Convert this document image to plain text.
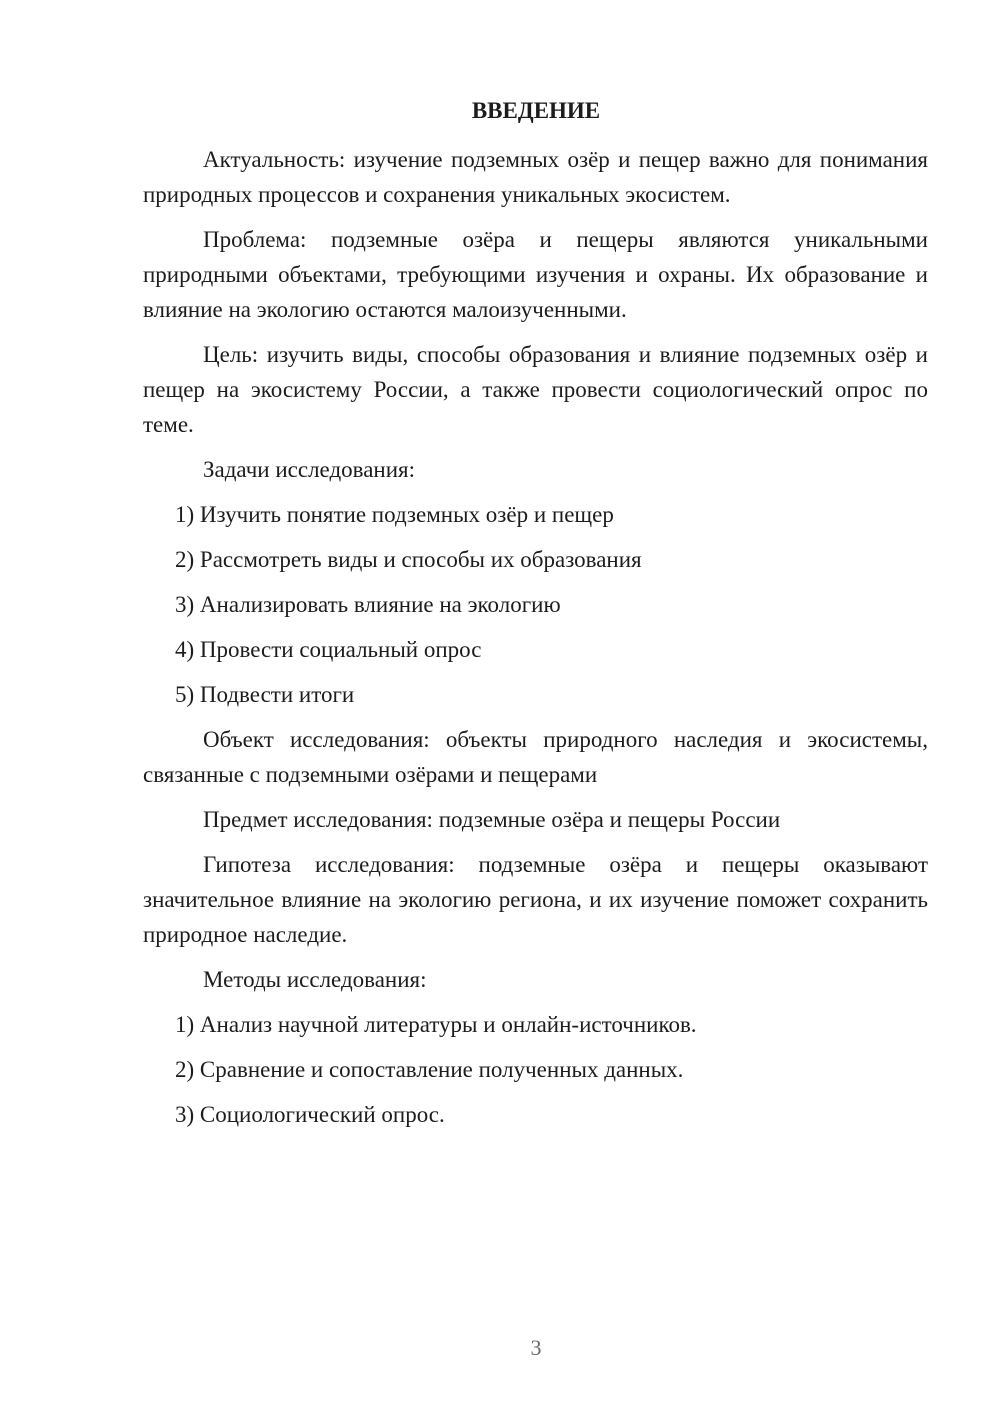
ВВЕДЕНИЕ

Актуальность: изучение подземных озёр и пещер важно для понимания природных процессов и сохранения уникальных экосистем.

Проблема: подземные озёра и пещеры являются уникальными природными объектами, требующими изучения и охраны. Их образование и влияние на экологию остаются малоизученными.

Цель: изучить виды, способы образования и влияние подземных озёр и пещер на экосистему России, а также провести социологический опрос по теме.

Задачи исследования:

1) Изучить понятие подземных озёр и пещер

2) Рассмотреть виды и способы их образования

3) Анализировать влияние на экологию

4) Провести социальный опрос

5) Подвести итоги

Объект исследования: объекты природного наследия и экосистемы, связанные с подземными озёрами и пещерами

Предмет исследования: подземные озёра и пещеры России

Гипотеза исследования: подземные озёра и пещеры оказывают значительное влияние на экологию региона, и их изучение поможет сохранить природное наследие.

Методы исследования:

1) Анализ научной литературы и онлайн-источников.

2) Сравнение и сопоставление полученных данных.

3) Социологический опрос.

3
